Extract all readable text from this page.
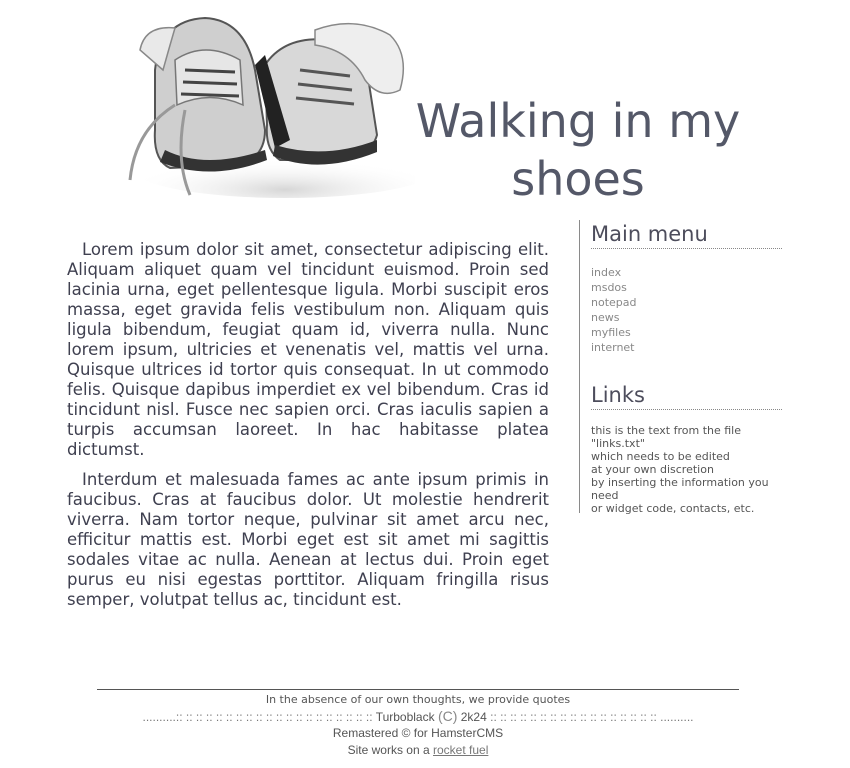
Walking in my shoes

Lorem ipsum dolor sit amet, consectetur adipiscing elit. Aliquam aliquet quam vel tincidunt euismod. Proin sed lacinia urna, eget pellentesque ligula. Morbi suscipit eros massa, eget gravida felis vestibulum non. Aliquam quis ligula bibendum, feugiat quam id, viverra nulla. Nunc lorem ipsum, ultricies et venenatis vel, mattis vel urna. Quisque ultrices id tortor quis consequat. In ut commodo felis. Quisque dapibus imperdiet ex vel bibendum. Cras id tincidunt nisl. Fusce nec sapien orci. Cras iaculis sapien a turpis accumsan laoreet. In hac habitasse platea dictumst.

Interdum et malesuada fames ac ante ipsum primis in faucibus. Cras at faucibus dolor. Ut molestie hendrerit viverra. Nam tortor neque, pulvinar sit amet arcu nec, efficitur mattis est. Morbi eget est sit amet mi sagittis sodales vitae ac nulla. Aenean at lectus dui. Proin eget purus eu nisi egestas porttitor. Aliquam fringilla risus semper, volutpat tellus ac, tincidunt est.

Main menu
index
msdos
notepad
news
myfiles
internet
Links
this is the text from the file "links.txt"
which needs to be edited
at your own discretion
by inserting the information you need
or widget code, contacts, etc.
In the absence of our own thoughts, we provide quotes
..........:: :: :: :: :: :: :: :: :: :: :: :: :: :: :: :: :: :: :: :: Turboblack (C) 2k24 :: :: :: :: :: :: :: :: :: :: :: :: :: :: :: :: :: ..........
Remastered © for HamsterCMS
Site works on a rocket fuel
